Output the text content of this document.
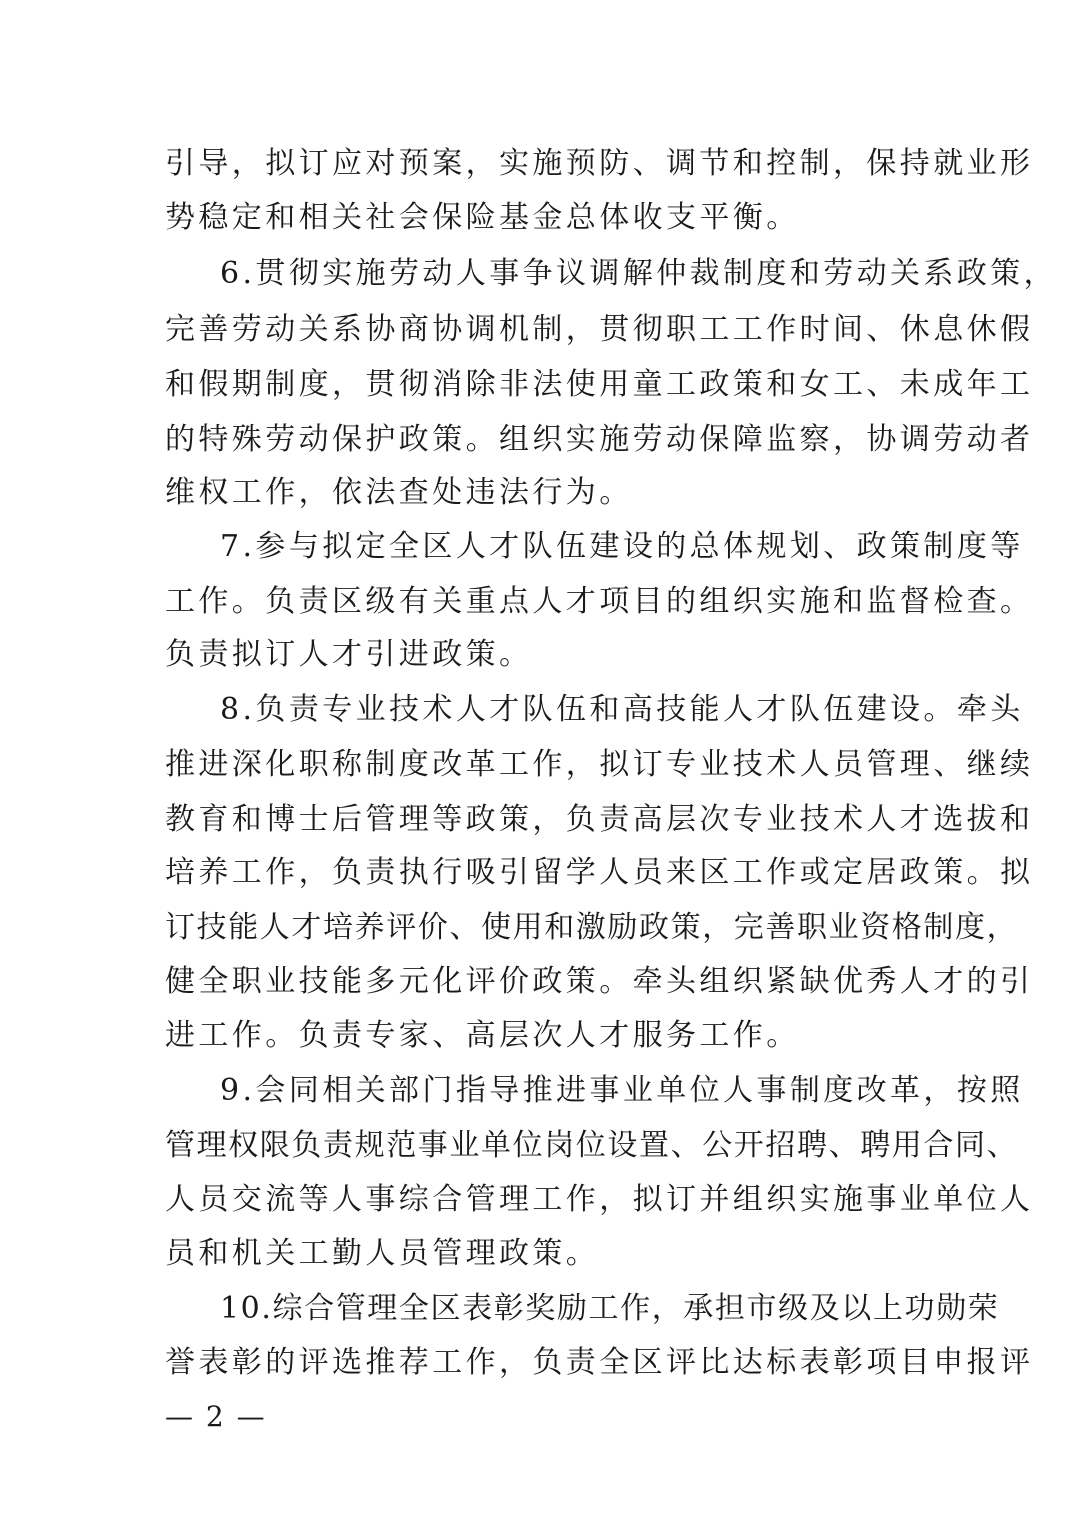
引导，拟订应对预案，实施预防、调节和控制，保持就业形
势稳定和相关社会保险基金总体收支平衡。
6.贯彻实施劳动人事争议调解仲裁制度和劳动关系政策，
完善劳动关系协商协调机制，贯彻职工工作时间、休息休假
和假期制度，贯彻消除非法使用童工政策和女工、未成年工
的特殊劳动保护政策。组织实施劳动保障监察，协调劳动者
维权工作，依法查处违法行为。
7.参与拟定全区人才队伍建设的总体规划、政策制度等
工作。负责区级有关重点人才项目的组织实施和监督检查。
负责拟订人才引进政策。
8.负责专业技术人才队伍和高技能人才队伍建设。牵头
推进深化职称制度改革工作，拟订专业技术人员管理、继续
教育和博士后管理等政策，负责高层次专业技术人才选拔和
培养工作，负责执行吸引留学人员来区工作或定居政策。拟
订技能人才培养评价、使用和激励政策，完善职业资格制度，
健全职业技能多元化评价政策。牵头组织紧缺优秀人才的引
进工作。负责专家、高层次人才服务工作。
9.会同相关部门指导推进事业单位人事制度改革，按照
管理权限负责规范事业单位岗位设置、公开招聘、聘用合同、
人员交流等人事综合管理工作，拟订并组织实施事业单位人
员和机关工勤人员管理政策。
10.综合管理全区表彰奖励工作，承担市级及以上功勋荣
誉表彰的评选推荐工作，负责全区评比达标表彰项目申报评
— 2 —
